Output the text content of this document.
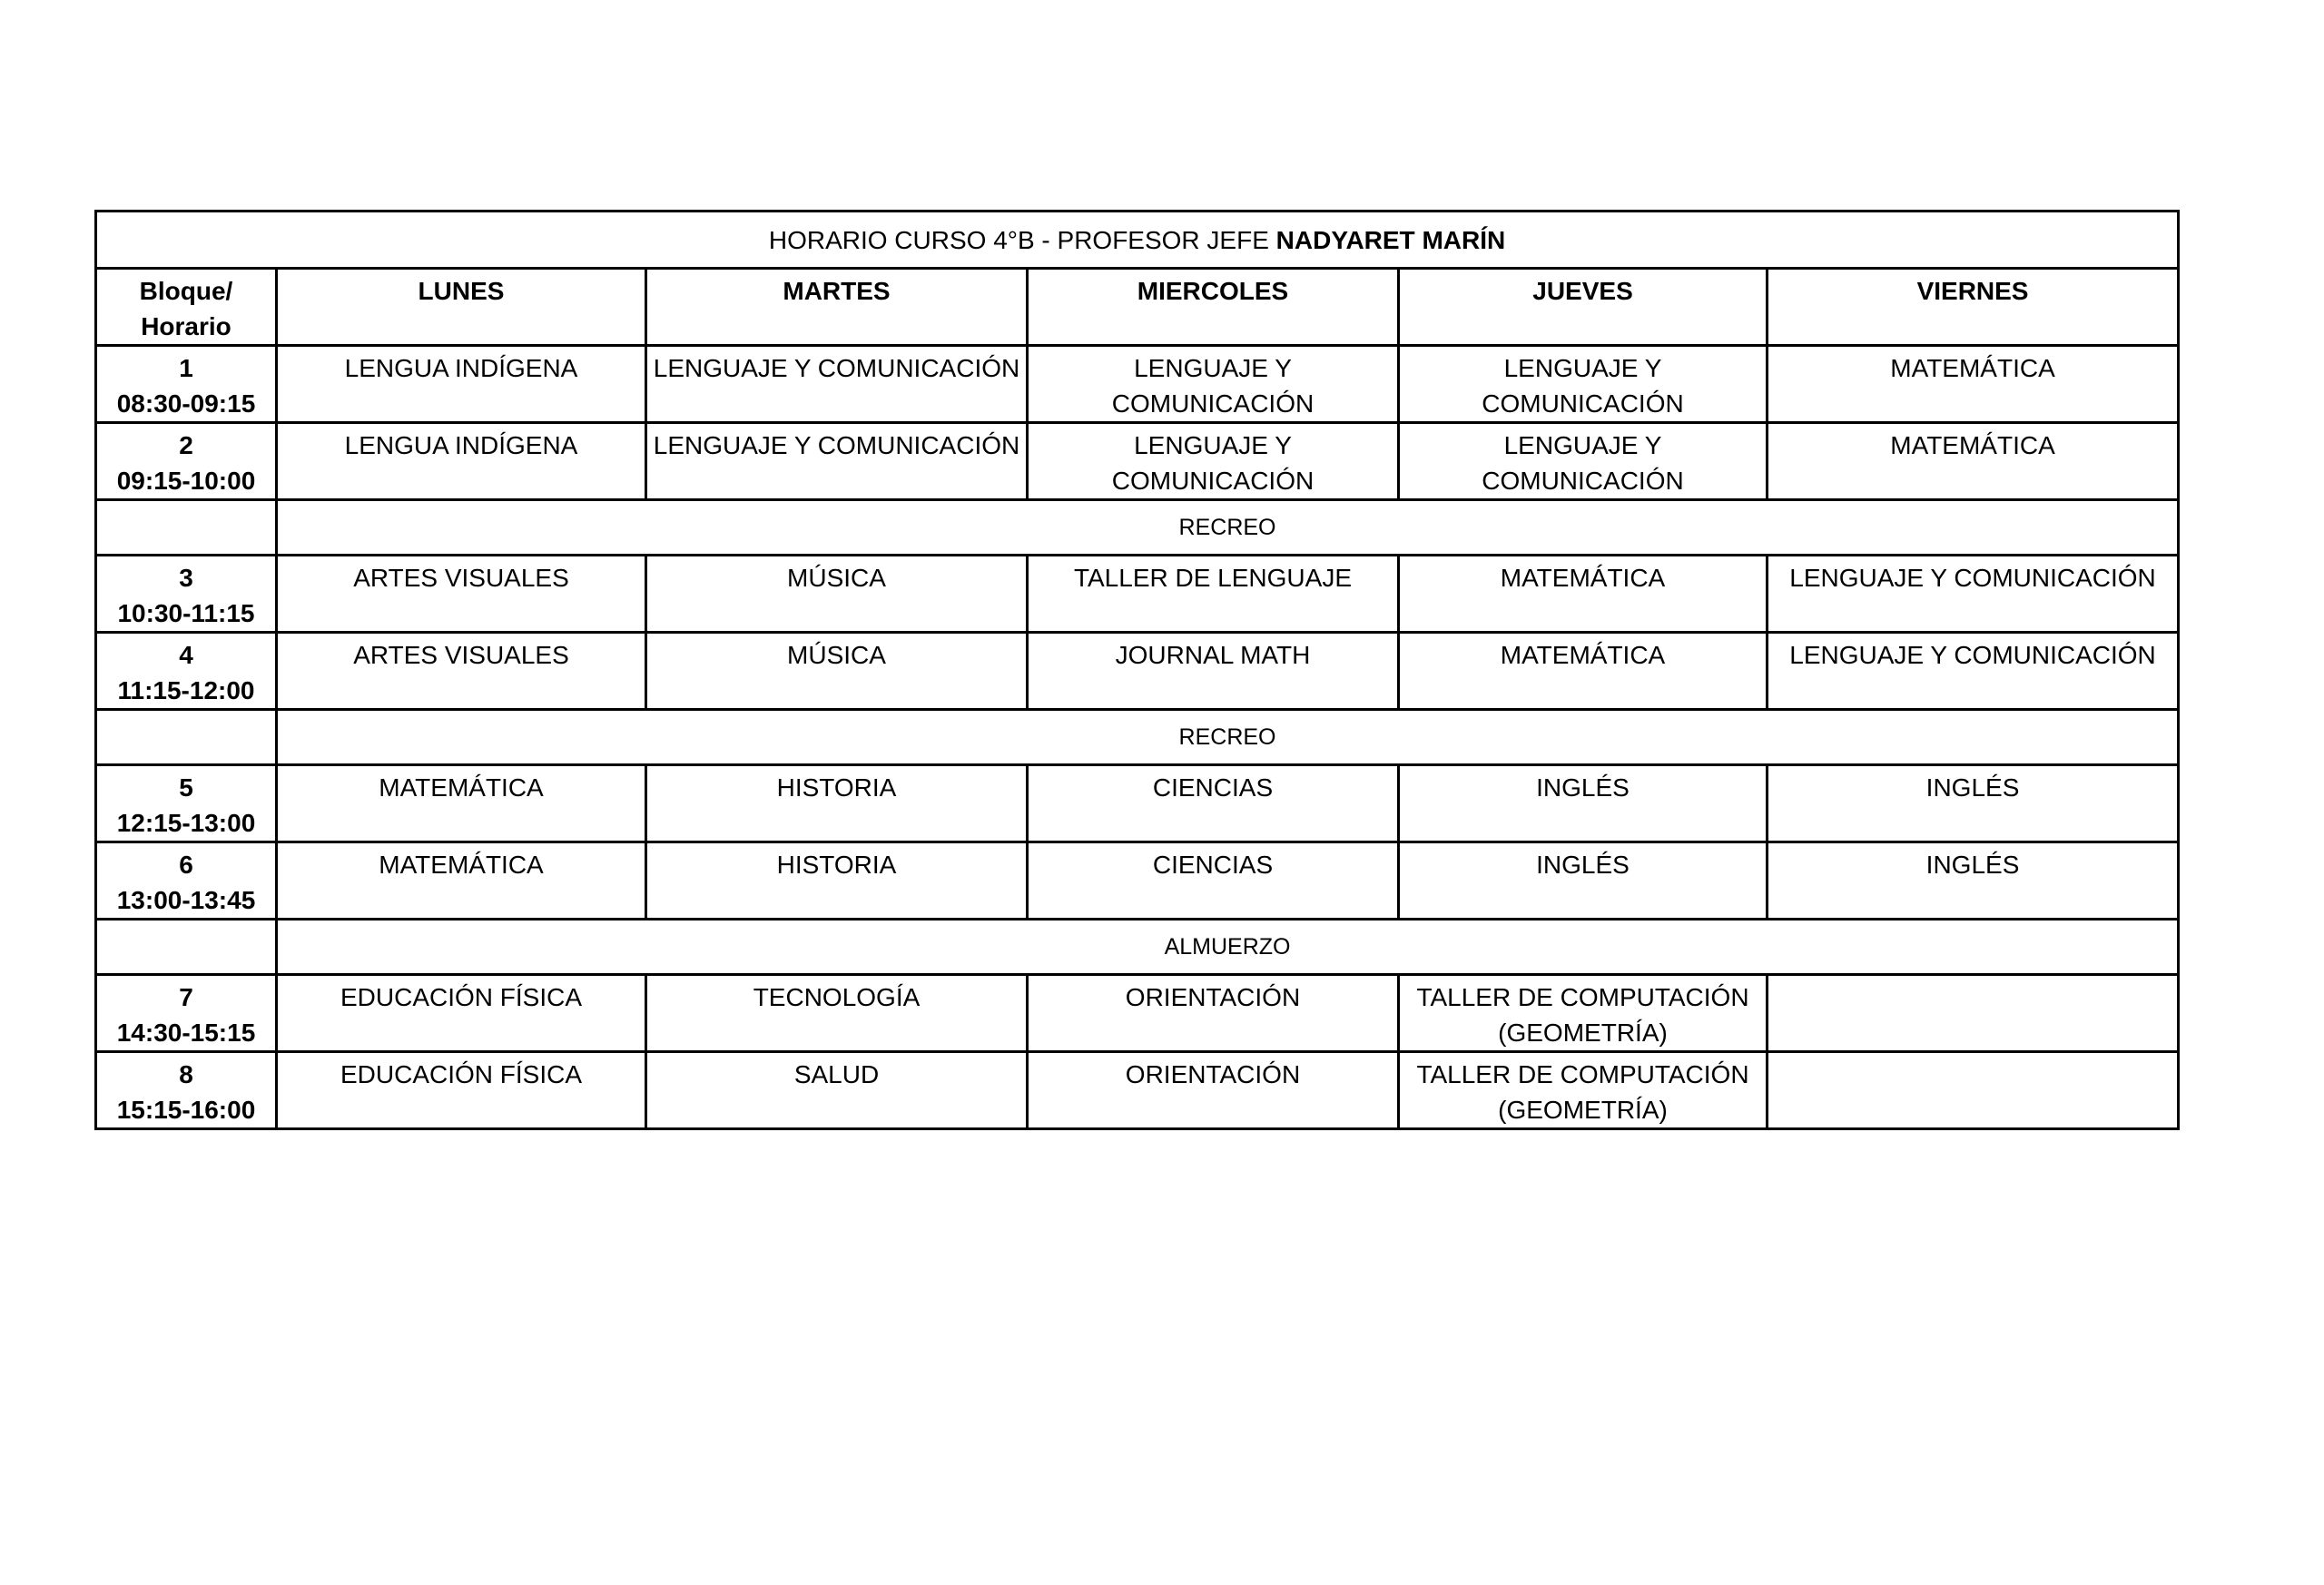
HORARIO CURSO 4°B - PROFESOR JEFE NADYARET MARÍN					

Bloque/
Horario	LUNES	MARTES	MIERCOLES	JUEVES	VIERNES

1
08:30-09:15	LENGUA INDÍGENA	LENGUAJE Y COMUNICACIÓN	LENGUAJE Y COMUNICACIÓN	LENGUAJE Y COMUNICACIÓN	MATEMÁTICA

2
09:15-10:00	LENGUA INDÍGENA	LENGUAJE Y COMUNICACIÓN	LENGUAJE Y COMUNICACIÓN	LENGUAJE Y COMUNICACIÓN	MATEMÁTICA
	RECREO				

3
10:30-11:15	ARTES VISUALES	MÚSICA	TALLER DE LENGUAJE	MATEMÁTICA	LENGUAJE Y COMUNICACIÓN

4
11:15-12:00	ARTES VISUALES	MÚSICA	JOURNAL MATH	MATEMÁTICA	LENGUAJE Y COMUNICACIÓN
	RECREO				

5
12:15-13:00	MATEMÁTICA	HISTORIA	CIENCIAS	INGLÉS	INGLÉS

6
13:00-13:45	MATEMÁTICA	HISTORIA	CIENCIAS	INGLÉS	INGLÉS
	ALMUERZO				

7
14:30-15:15	EDUCACIÓN FÍSICA	TECNOLOGÍA	ORIENTACIÓN	TALLER DE COMPUTACIÓN
(GEOMETRÍA)	

8
15:15-16:00	EDUCACIÓN FÍSICA	SALUD	ORIENTACIÓN	TALLER DE COMPUTACIÓN
(GEOMETRÍA)	
